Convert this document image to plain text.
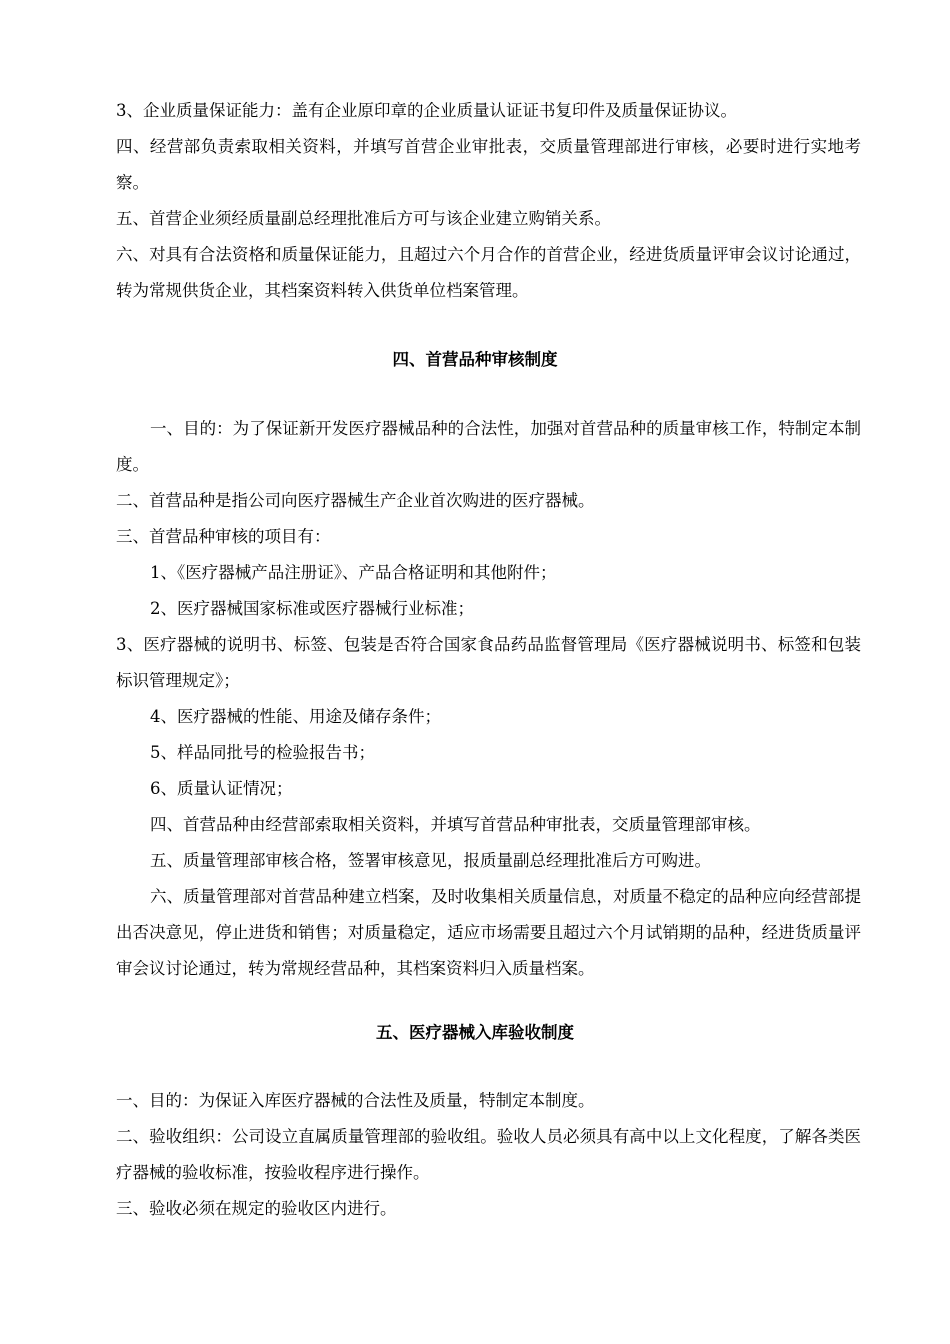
3、企业质量保证能力：盖有企业原印章的企业质量认证证书复印件及质量保证协议。

四、经营部负责索取相关资料，并填写首营企业审批表，交质量管理部进行审核，必要时进行实地考察。

五、首营企业须经质量副总经理批准后方可与该企业建立购销关系。

六、对具有合法资格和质量保证能力，且超过六个月合作的首营企业，经进货质量评审会议讨论通过，转为常规供货企业，其档案资料转入供货单位档案管理。

四、首营品种审核制度

一、目的：为了保证新开发医疗器械品种的合法性，加强对首营品种的质量审核工作，特制定本制度。

二、首营品种是指公司向医疗器械生产企业首次购进的医疗器械。

三、首营品种审核的项目有：

1、《医疗器械产品注册证》、产品合格证明和其他附件；

2、医疗器械国家标准或医疗器械行业标准；

3、医疗器械的说明书、标签、包装是否符合国家食品药品监督管理局《医疗器械说明书、标签和包装标识管理规定》；

4、医疗器械的性能、用途及储存条件；

5、样品同批号的检验报告书；

6、质量认证情况；

四、首营品种由经营部索取相关资料，并填写首营品种审批表，交质量管理部审核。

五、质量管理部审核合格，签署审核意见，报质量副总经理批准后方可购进。

六、质量管理部对首营品种建立档案，及时收集相关质量信息，对质量不稳定的品种应向经营部提出否决意见，停止进货和销售；对质量稳定，适应市场需要且超过六个月试销期的品种，经进货质量评审会议讨论通过，转为常规经营品种，其档案资料归入质量档案。

五、医疗器械入库验收制度

一、目的：为保证入库医疗器械的合法性及质量，特制定本制度。

二、验收组织：公司设立直属质量管理部的验收组。验收人员必须具有高中以上文化程度，了解各类医疗器械的验收标准，按验收程序进行操作。

三、验收必须在规定的验收区内进行。
